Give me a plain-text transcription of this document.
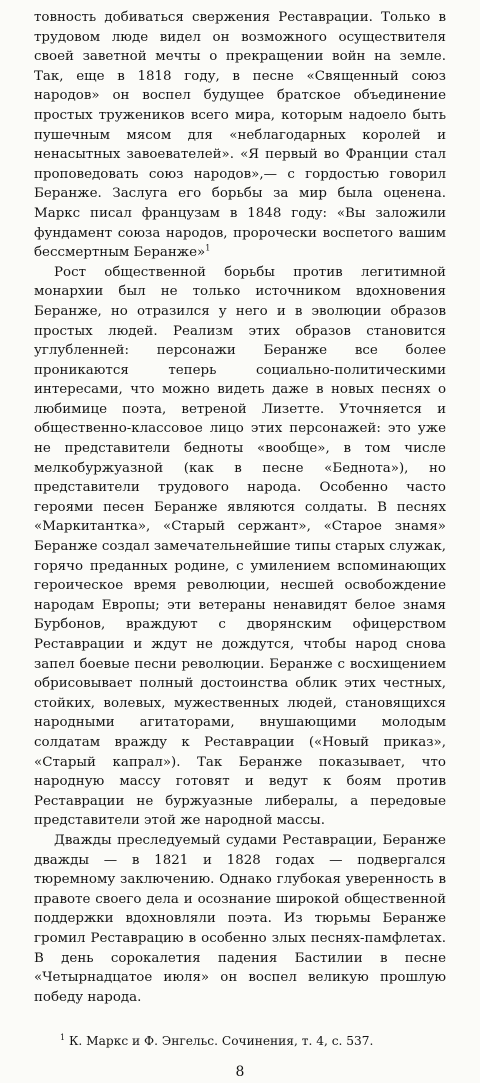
товность добиваться свержения Реставрации. Только в трудовом люде видел он возможного осуществителя своей заветной мечты о прекращении войн на земле. Так, еще в 1818 году, в песне «Священный союз народов» он воспел будущее братское объединение простых тружеников всего мира, которым надоело быть пушечным мясом для «неблагодарных королей и ненасытных завоевателей». «Я первый во Франции стал проповедовать союз народов»,— с гордостью говорил Беранже. Заслуга его борьбы за мир была оценена. Маркс писал французам в 1848 году: «Вы заложили фундамент союза народов, пророчески воспетого вашим бессмертным Беранже»$^1$

Рост общественной борьбы против легитимной монархии был не только источником вдохновения Беранже, но отразился у него и в эволюции образов простых людей. Реализм этих образов становится углубленней: персонажи Беранже все более проникаются теперь социально-политическими интересами, что можно видеть даже в новых песнях о любимице поэта, ветреной Лизетте. Уточняется и общественно-классовое лицо этих персонажей: это уже не представители бедноты «вообще», в том числе мелкобуржуазной (как в песне «Беднота»), но представители трудового народа. Особенно часто героями песен Беранже являются солдаты. В песнях «Маркитантка», «Старый сержант», «Старое знамя» Беранже создал замечательнейшие типы старых служак, горячо преданных родине, с умилением вспоминающих героическое время революции, несшей освобождение народам Европы; эти ветераны ненавидят белое знамя Бурбонов, враждуют с дворянским офицерством Реставрации и ждут не дождутся, чтобы народ снова запел боевые песни революции. Беранже с восхищением обрисовывает полный достоинства облик этих честных, стойких, волевых, мужественных людей, становящихся народными агитаторами, внушающими молодым солдатам вражду к Реставрации («Новый приказ», «Старый капрал»). Так Беранже показывает, что народную массу готовят и ведут к боям против Реставрации не буржуазные либералы, а передовые представители этой же народной массы.

Дважды преследуемый судами Реставрации, Беранже дважды — в 1821 и 1828 годах — подвергался тюремному заключению. Однако глубокая уверенность в правоте своего дела и осознание широкой общественной поддержки вдохновляли поэта. Из тюрьмы Беранже громил Реставрацию в особенно злых песнях-памфлетах. В день сорокалетия падения Бастилии в песне «Четырнадцатое июля» он воспел великую прошлую победу народа.

$^1$ К. Маркс и Ф. Энгельс. Сочинения, т. 4, с. 537.
8
